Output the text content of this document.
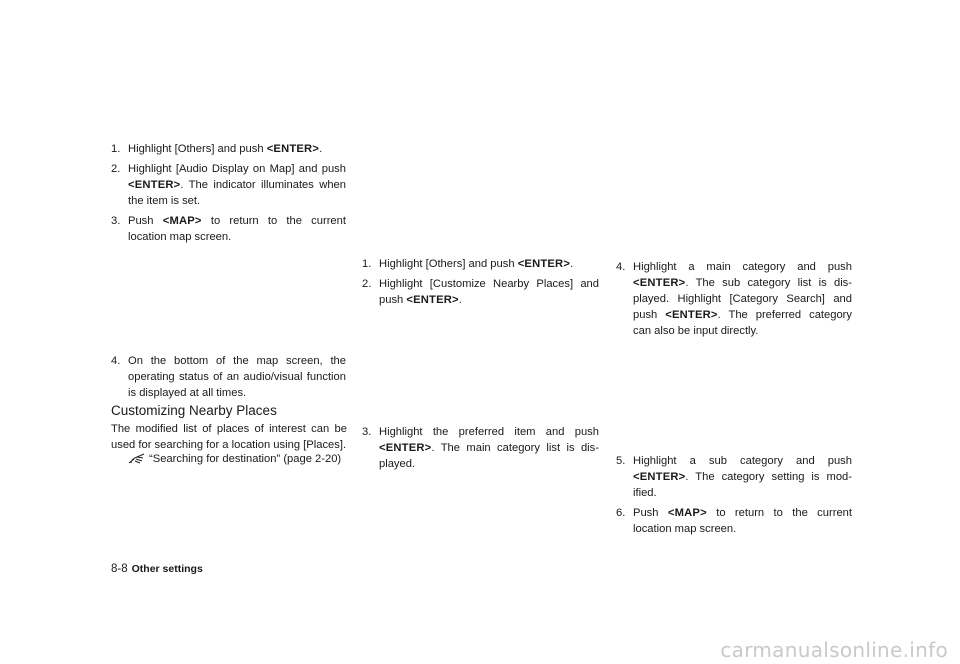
1. Highlight [Others] and push <ENTER>.
2. Highlight [Audio Display on Map] and push <ENTER>. The indicator illuminates when the item is set.
3. Push <MAP> to return to the current location map screen.
4. On the bottom of the map screen, the operating status of an audio/visual function is displayed at all times.
Customizing Nearby Places
The modified list of places of interest can be used for searching for a location using [Places].
“Searching for destination” (page 2-20)
1. Highlight [Others] and push <ENTER>.
2. Highlight [Customize Nearby Places] and push <ENTER>.
3. Highlight the preferred item and push <ENTER>. The main category list is dis-played.
4. Highlight a main category and push <ENTER>. The sub category list is dis-played. Highlight [Category Search] and push <ENTER>. The preferred category can also be input directly.
5. Highlight a sub category and push <ENTER>. The category setting is mod-ified.
6. Push <MAP> to return to the current location map screen.
8-8 Other settings
carmanualsonline.info
